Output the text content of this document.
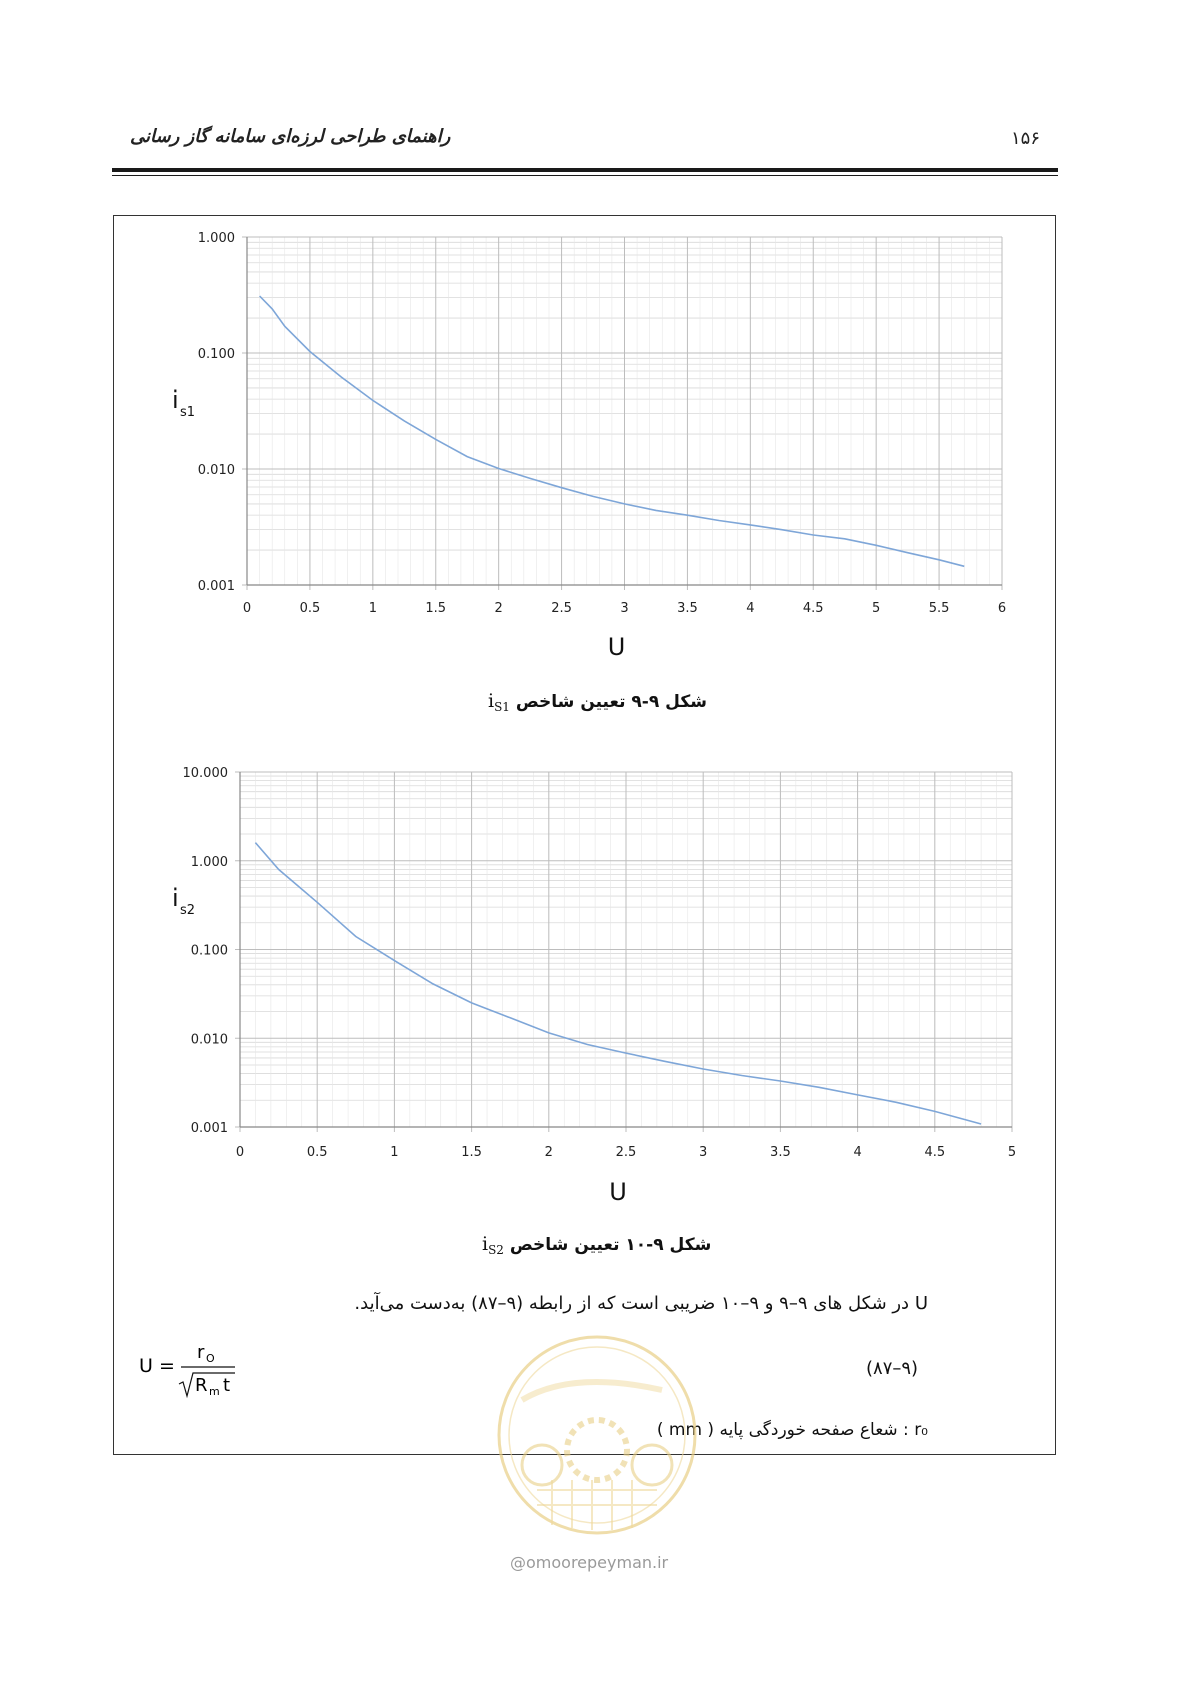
راهنمای طراحی لرزه‌ای سامانه گاز رسانی	۱۵۶
0.001
0.010
0.100
1.000
0	0.5	1	1.5	2	2.5	3	3.5	4	4.5	5	5.5	6
U
i s1
0.001
0.010
0.100
1.000
10.000
0	0.5	1	1.5	2	2.5	3	3.5	4	4.5	5
U
i s2
شکل ۹-۹ تعیین شاخص $i_{S1}$
شکل ۹-۱۰ تعیین شاخص $i_{S2}$
U در شکل های ۹–۹ و ۹–۱۰ ضریبی است که از رابطه (۹–۸۷) به‌دست می‌آید.
(۸۷–۹)
U =
r O
R m t
r₀ : شعاع صفحه خوردگی پایه ( mm )
@omoorepeyman.ir
